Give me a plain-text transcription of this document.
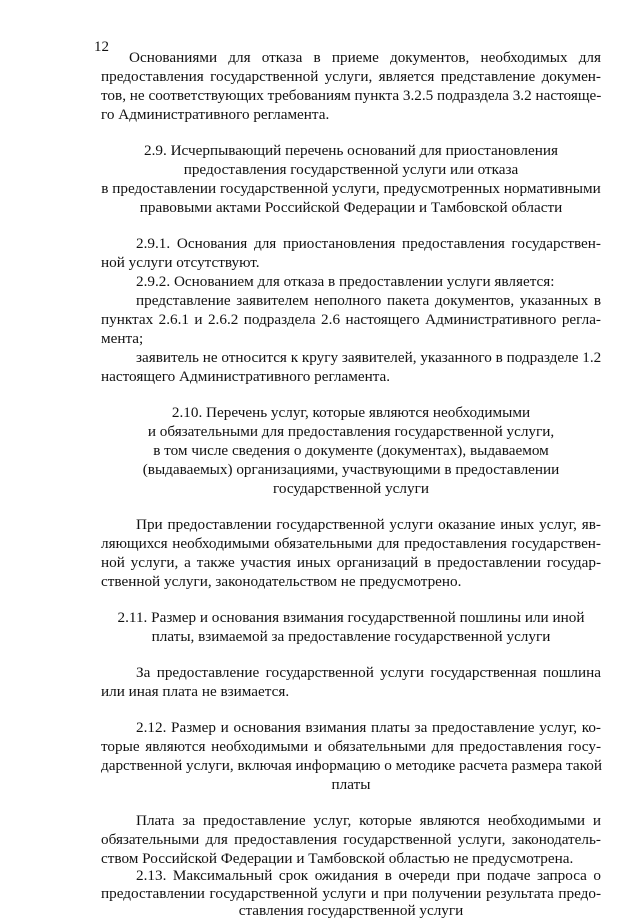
12
Основаниями для отказа в приеме документов, необходимых для
предоставления государственной услуги, является представление докумен-
тов, не соответствующих требованиям пункта 3.2.5 подраздела 3.2 настояще-
го Административного регламента.
2.9. Исчерпывающий перечень оснований для приостановления
предоставления государственной услуги или отказа
в предоставлении государственной услуги, предусмотренных нормативными
правовыми актами Российской Федерации и Тамбовской области
2.9.1. Основания для приостановления предоставления государствен-
ной услуги отсутствуют.
2.9.2. Основанием для отказа в предоставлении услуги является:
представление заявителем неполного пакета документов, указанных в
пунктах 2.6.1 и 2.6.2 подраздела 2.6 настоящего Административного регла-
мента;
заявитель не относится к кругу заявителей, указанного в подразделе 1.2
настоящего Административного регламента.
2.10. Перечень услуг, которые являются необходимыми
и обязательными для предоставления государственной услуги,
в том числе сведения о документе (документах), выдаваемом
(выдаваемых) организациями, участвующими в предоставлении
государственной услуги
При предоставлении государственной услуги оказание иных услуг, яв-
ляющихся необходимыми обязательными для предоставления государствен-
ной услуги, а также участия иных организаций в предоставлении государ-
ственной услуги, законодательством не предусмотрено.
2.11. Размер и основания взимания государственной пошлины или иной
платы, взимаемой за предоставление государственной услуги
За предоставление государственной услуги государственная пошлина
или иная плата не взимается.
2.12. Размер и основания взимания платы за предоставление услуг, ко-
торые являются необходимыми и обязательными для предоставления госу-
дарственной услуги, включая информацию о методике расчета размера такой
платы
Плата за предоставление услуг, которые являются необходимыми и
обязательными для предоставления государственной услуги, законодатель-
ством Российской Федерации и Тамбовской областью не предусмотрена.
2.13. Максимальный срок ожидания в очереди при подаче запроса о
предоставлении государственной услуги и при получении результата предо-
ставления государственной услуги
